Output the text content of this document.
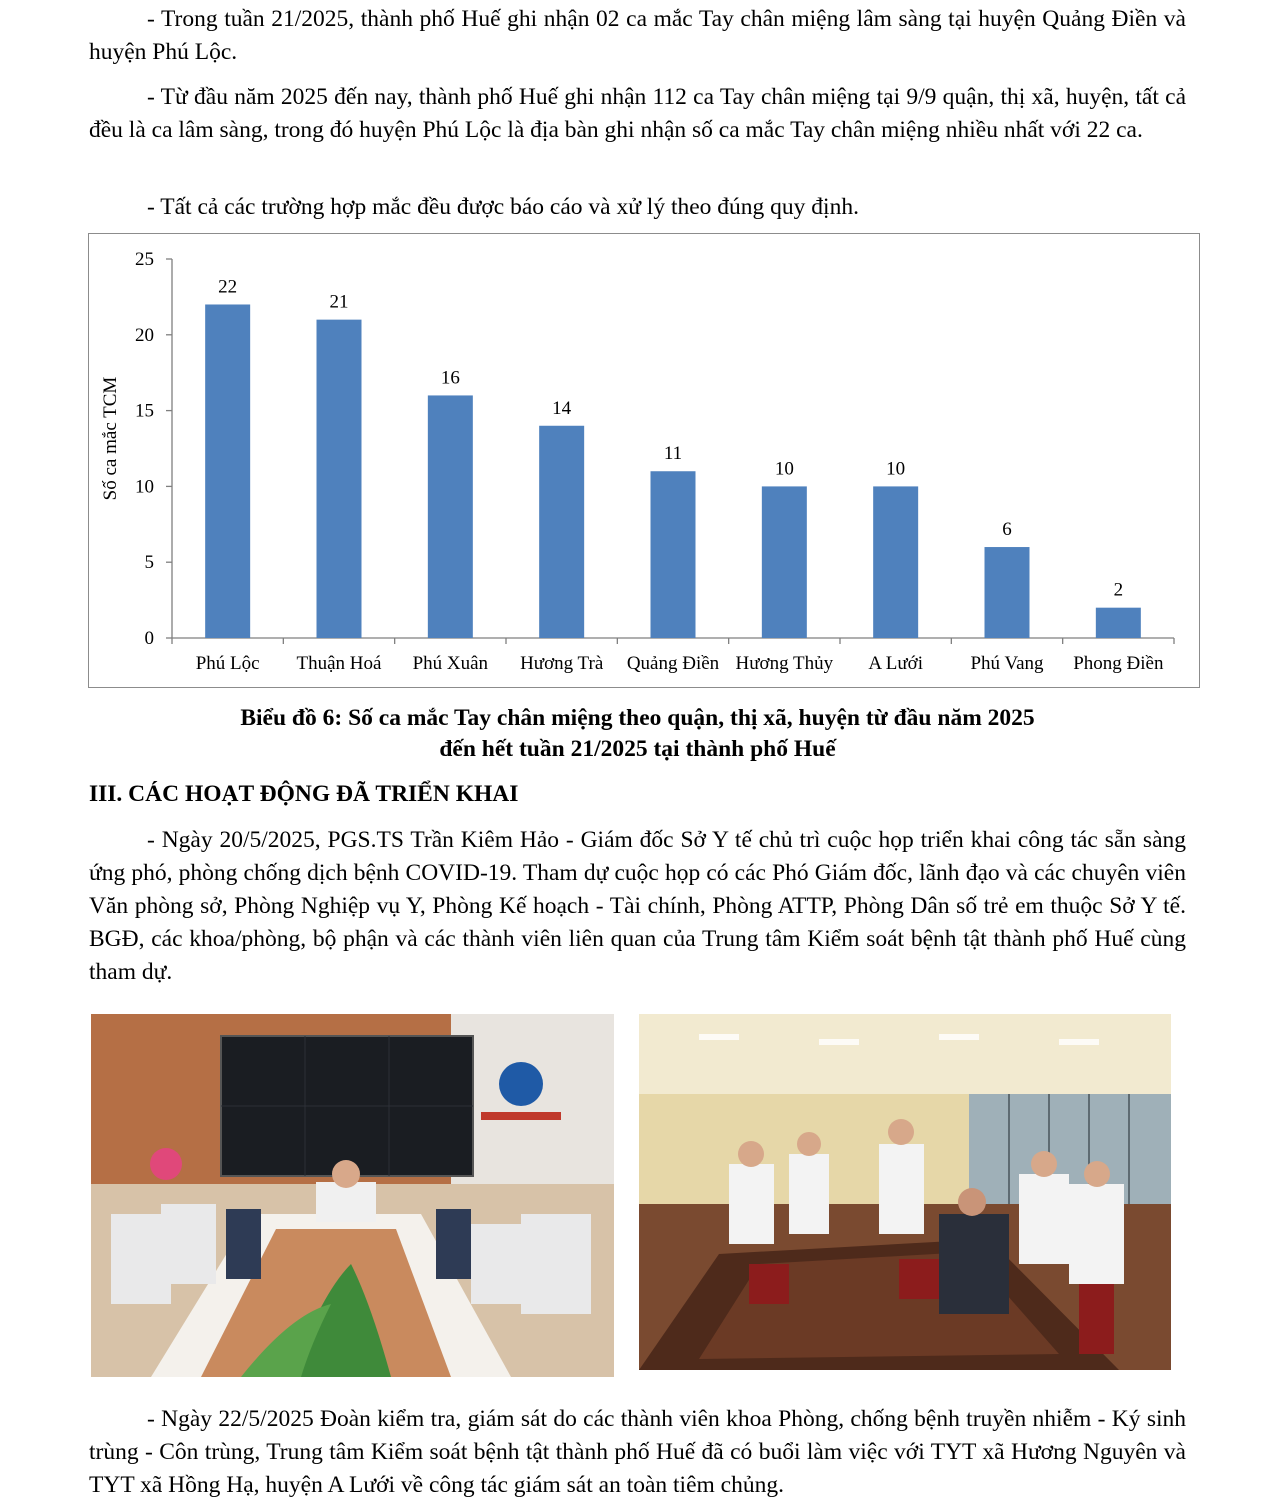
- Trong tuần 21/2025, thành phố Huế ghi nhận 02 ca mắc Tay chân miệng lâm sàng tại huyện Quảng Điền và huyện Phú Lộc.

- Từ đầu năm 2025 đến nay, thành phố Huế ghi nhận 112 ca Tay chân miệng tại 9/9 quận, thị xã, huyện, tất cả đều là ca lâm sàng, trong đó huyện Phú Lộc là địa bàn ghi nhận số ca mắc Tay chân miệng nhiều nhất với 22 ca.

- Tất cả các trường hợp mắc đều được báo cáo và xử lý theo đúng quy định.

0
5
10
15
20
25
Số ca mắc TCM
22
Phú Lộc
21
Thuận Hoá
16
Phú Xuân
14
Hương Trà
11
Quảng Điền
10
Hương Thủy
10
A Lưới
6
Phú Vang
2
Phong Điền

Biểu đồ 6: Số ca mắc Tay chân miệng theo quận, thị xã, huyện từ đầu năm 2025

đến hết tuần 21/2025 tại thành phố Huế

III. CÁC HOẠT ĐỘNG ĐÃ TRIỂN KHAI

- Ngày 20/5/2025, PGS.TS Trần Kiêm Hảo - Giám đốc Sở Y tế chủ trì cuộc họp triển khai công tác sẵn sàng ứng phó, phòng chống dịch bệnh COVID-19. Tham dự cuộc họp có các Phó Giám đốc, lãnh đạo và các chuyên viên Văn phòng sở, Phòng Nghiệp vụ Y, Phòng Kế hoạch - Tài chính, Phòng ATTP, Phòng Dân số trẻ em thuộc Sở Y tế. BGĐ, các khoa/phòng, bộ phận và các thành viên liên quan của Trung tâm Kiểm soát bệnh tật thành phố Huế cùng tham dự.

- Ngày 22/5/2025 Đoàn kiểm tra, giám sát do các thành viên khoa Phòng, chống bệnh truyền nhiễm - Ký sinh trùng - Côn trùng, Trung tâm Kiểm soát bệnh tật thành phố Huế đã có buổi làm việc với TYT xã Hương Nguyên và TYT xã Hồng Hạ, huyện A Lưới về công tác giám sát an toàn tiêm chủng.
